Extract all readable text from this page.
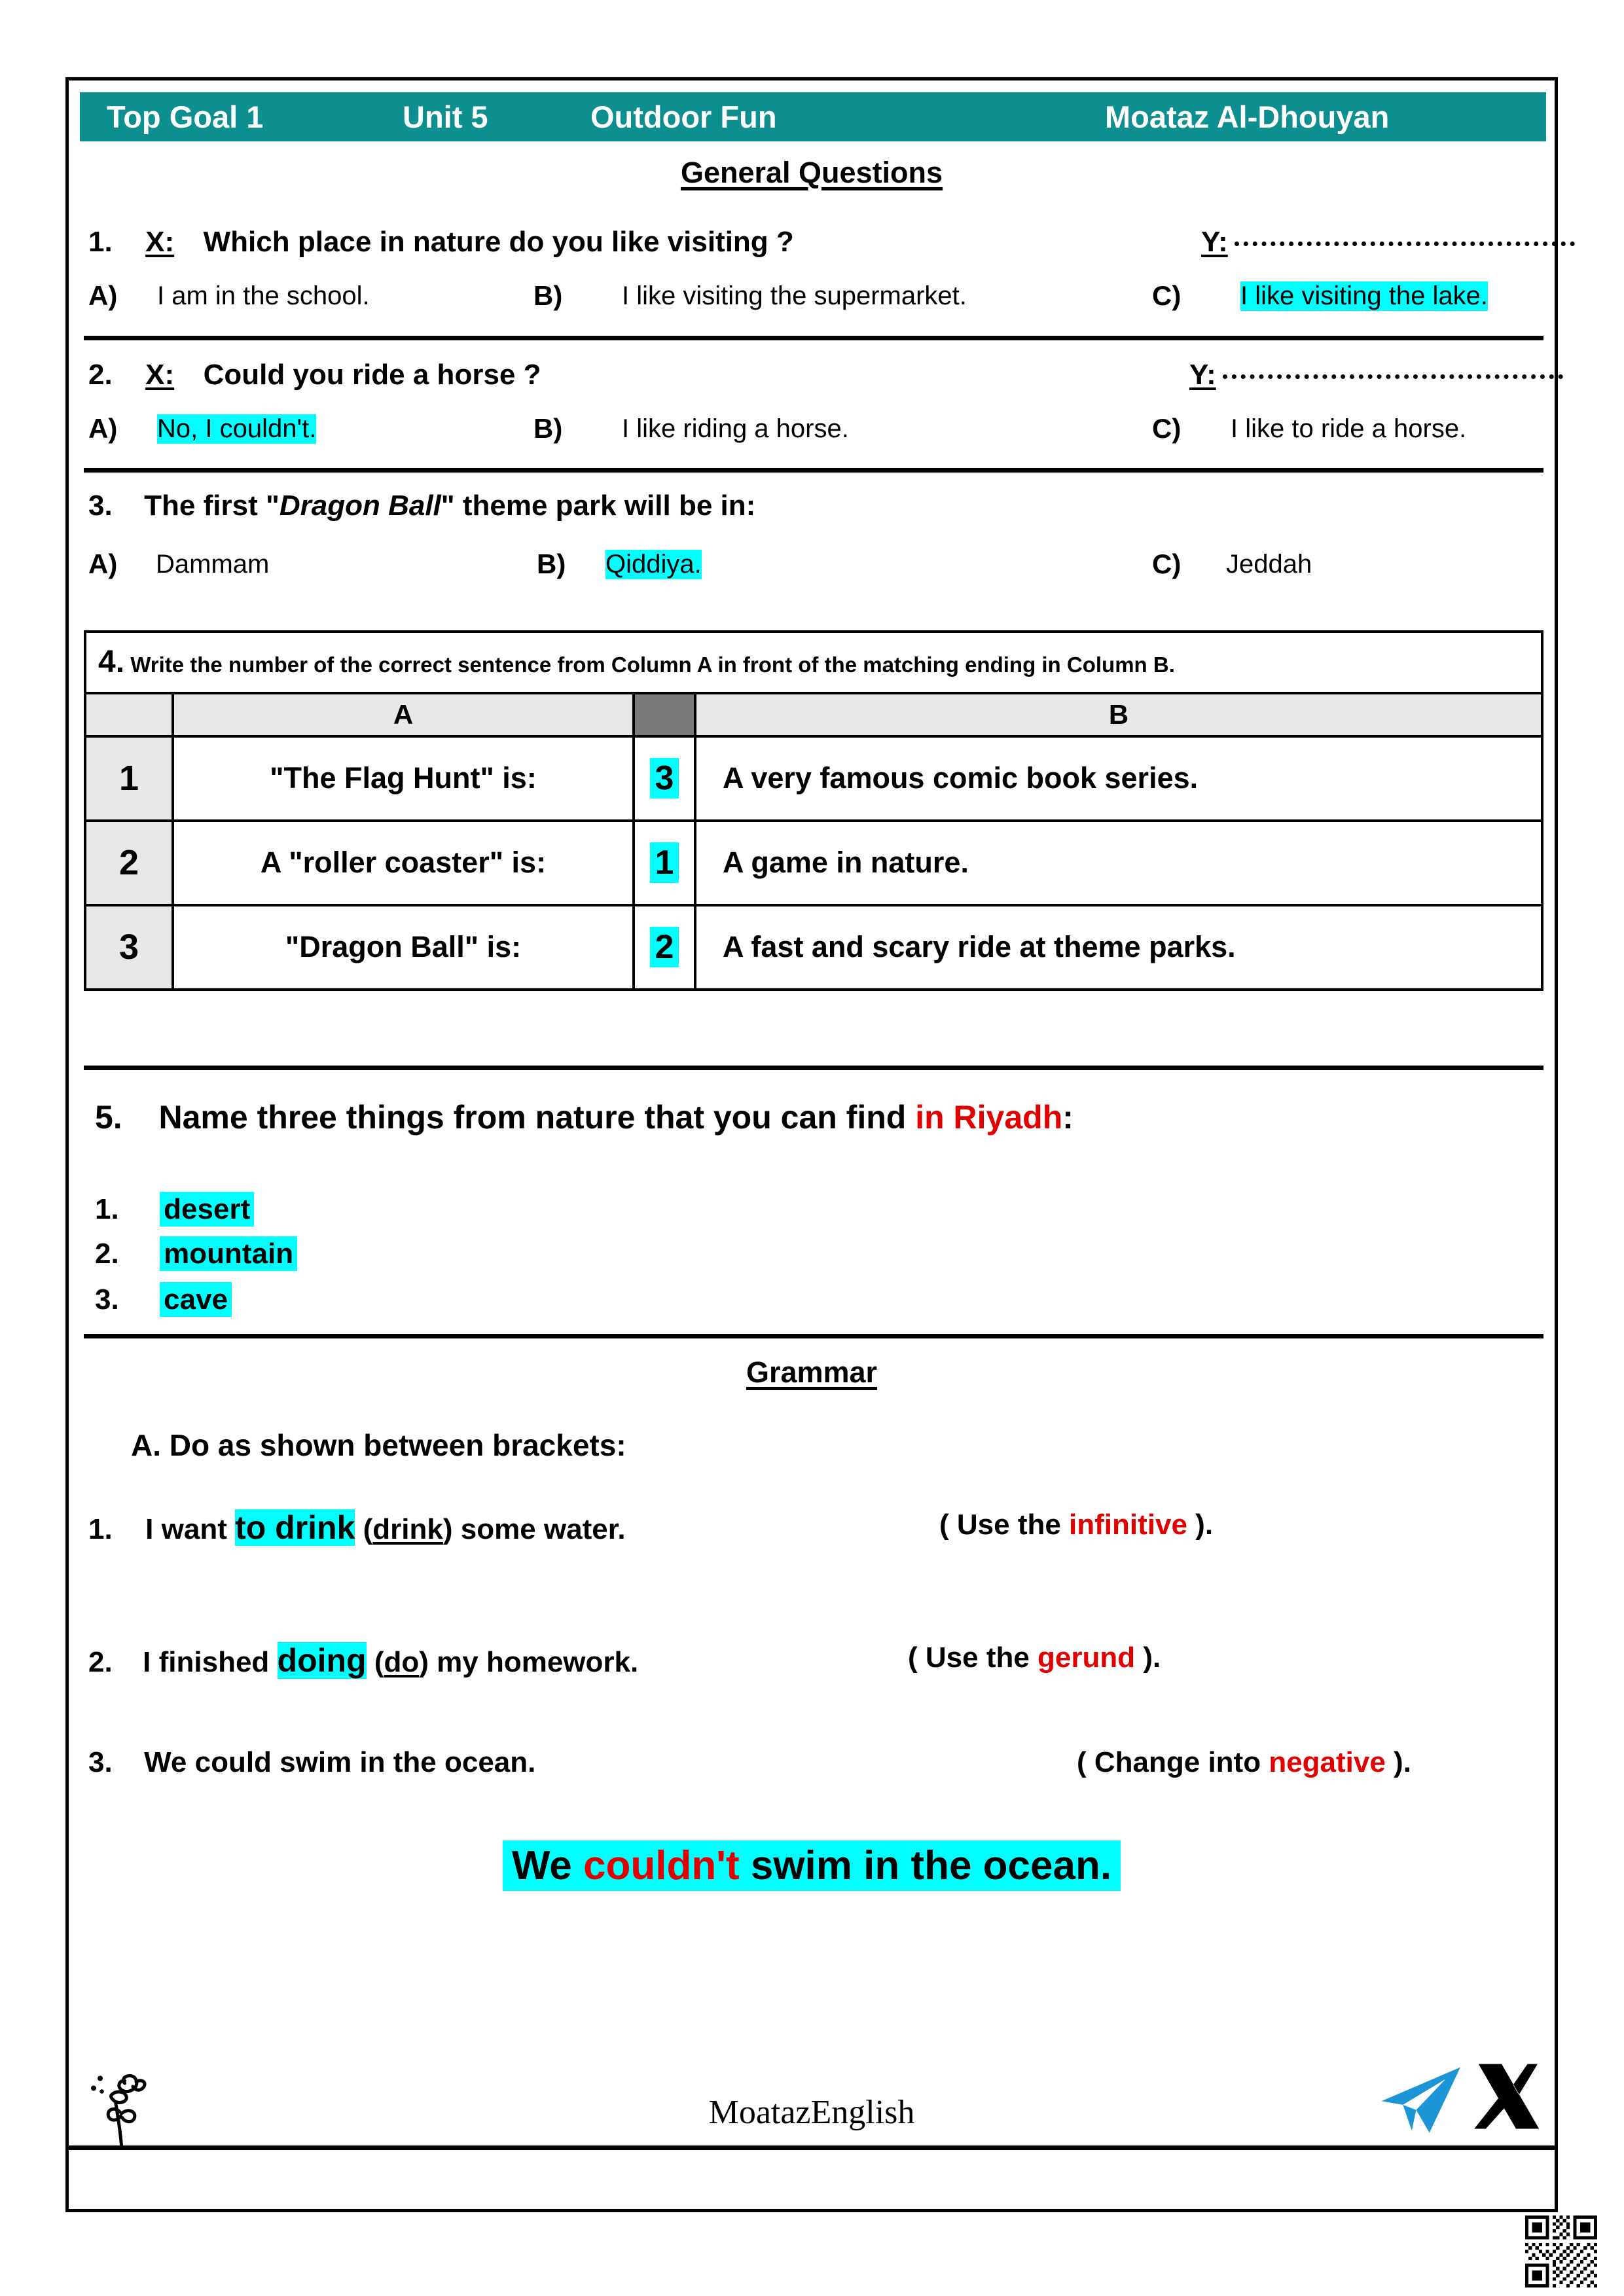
Top Goal 1	Unit 5	Outdoor Fun	Moataz Al-Dhouyan
General Questions
1. X: Which place in nature do you like visiting ?	Y:
A) I am in the school.	B) I like visiting the supermarket.	C) I like visiting the lake.
2. X: Could you ride a horse ?	Y:
A) No, I couldn't.	B) I like riding a horse.	C) I like to ride a horse.
3. The first "Dragon Ball" theme park will be in:
A) Dammam	B) Qiddiya.	C) Jeddah
4. Write the number of the correct sentence from Column A in front of the matching ending in Column B.			
	A		B
1	"The Flag Hunt" is:	3	A very famous comic book series.
2	A "roller coaster" is:	1	A game in nature.
3	"Dragon Ball" is:	2	A fast and scary ride at theme parks.
5. Name three things from nature that you can find in Riyadh:
1. desert
2. mountain
3. cave
Grammar
A. Do as shown between brackets:
1. I want to drink (drink) some water.	( Use the infinitive ).
2. I finished doing (do) my homework.	( Use the gerund ).
3. We could swim in the ocean.	( Change into negative ).
We couldn't swim in the ocean.
MoatazEnglish
